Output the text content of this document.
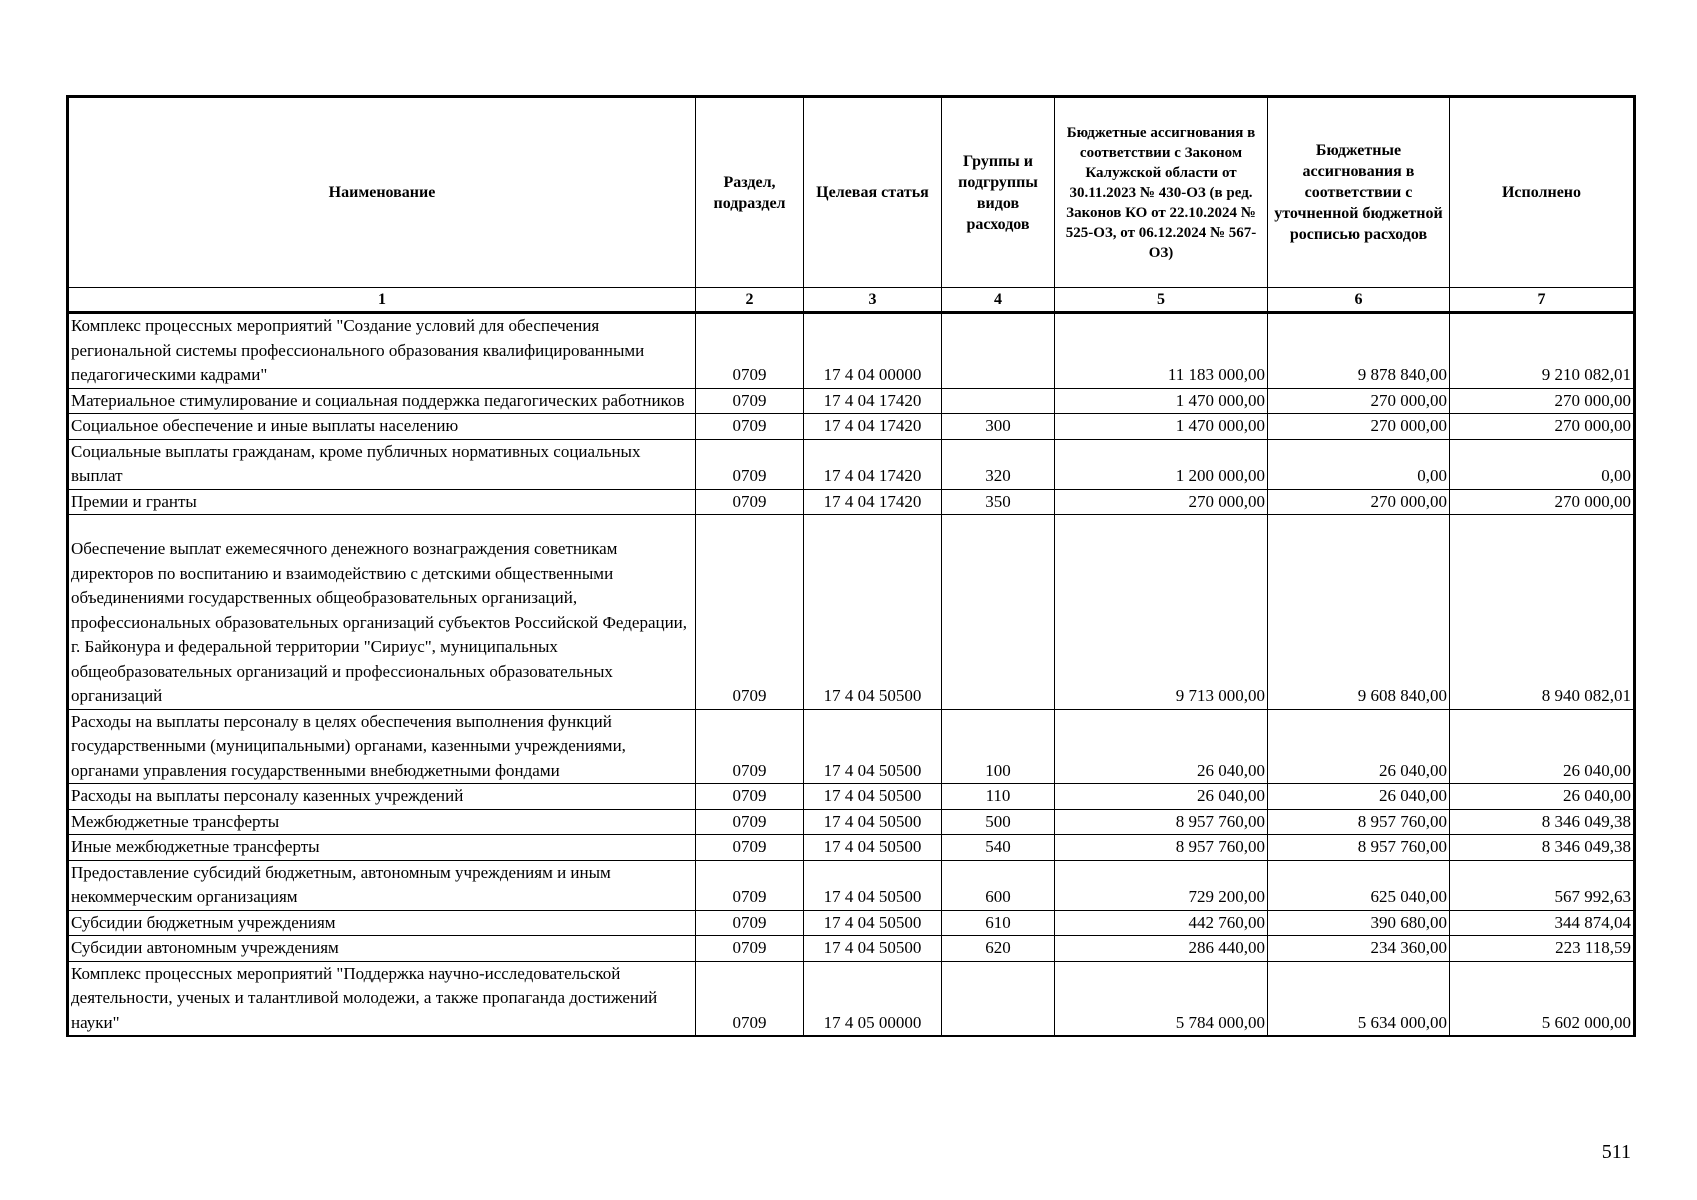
Наименование	Раздел, подраздел	Целевая статья	Группы и подгруппы видов расходов	Бюджетные ассигнования в соответствии с Законом Калужской области от 30.11.2023 № 430-ОЗ (в ред. Законов КО от 22.10.2024 № 525-ОЗ, от 06.12.2024 № 567-ОЗ)	Бюджетные ассигнования в соответствии с уточненной бюджетной росписью расходов	Исполнено
1	2	3	4	5	6	7
Комплекс процессных мероприятий "Создание условий для обеспечения региональной системы профессионального образования квалифицированными педагогическими кадрами"	0709	17 4 04 00000		11 183 000,00	9 878 840,00	9 210 082,01
Материальное стимулирование и социальная поддержка педагогических работников	0709	17 4 04 17420		1 470 000,00	270 000,00	270 000,00
Социальное обеспечение и иные выплаты населению	0709	17 4 04 17420	300	1 470 000,00	270 000,00	270 000,00
Социальные выплаты гражданам, кроме публичных нормативных социальных выплат	0709	17 4 04 17420	320	1 200 000,00	0,00	0,00
Премии и гранты	0709	17 4 04 17420	350	270 000,00	270 000,00	270 000,00
Обеспечение выплат ежемесячного денежного вознаграждения советникам директоров по воспитанию и взаимодействию с детскими общественными объединениями государственных общеобразовательных организаций, профессиональных образовательных организаций субъектов Российской Федерации, г. Байконура и федеральной территории "Сириус", муниципальных общеобразовательных организаций и профессиональных образовательных организаций	0709	17 4 04 50500		9 713 000,00	9 608 840,00	8 940 082,01
Расходы на выплаты персоналу в целях обеспечения выполнения функций государственными (муниципальными) органами, казенными учреждениями, органами управления государственными внебюджетными фондами	0709	17 4 04 50500	100	26 040,00	26 040,00	26 040,00
Расходы на выплаты персоналу казенных учреждений	0709	17 4 04 50500	110	26 040,00	26 040,00	26 040,00
Межбюджетные трансферты	0709	17 4 04 50500	500	8 957 760,00	8 957 760,00	8 346 049,38
Иные межбюджетные трансферты	0709	17 4 04 50500	540	8 957 760,00	8 957 760,00	8 346 049,38
Предоставление субсидий бюджетным, автономным учреждениям и иным некоммерческим организациям	0709	17 4 04 50500	600	729 200,00	625 040,00	567 992,63
Субсидии бюджетным учреждениям	0709	17 4 04 50500	610	442 760,00	390 680,00	344 874,04
Субсидии автономным учреждениям	0709	17 4 04 50500	620	286 440,00	234 360,00	223 118,59
Комплекс процессных мероприятий "Поддержка научно-исследовательской деятельности, ученых и талантливой молодежи, а также пропаганда достижений науки"	0709	17 4 05 00000		5 784 000,00	5 634 000,00	5 602 000,00
511
